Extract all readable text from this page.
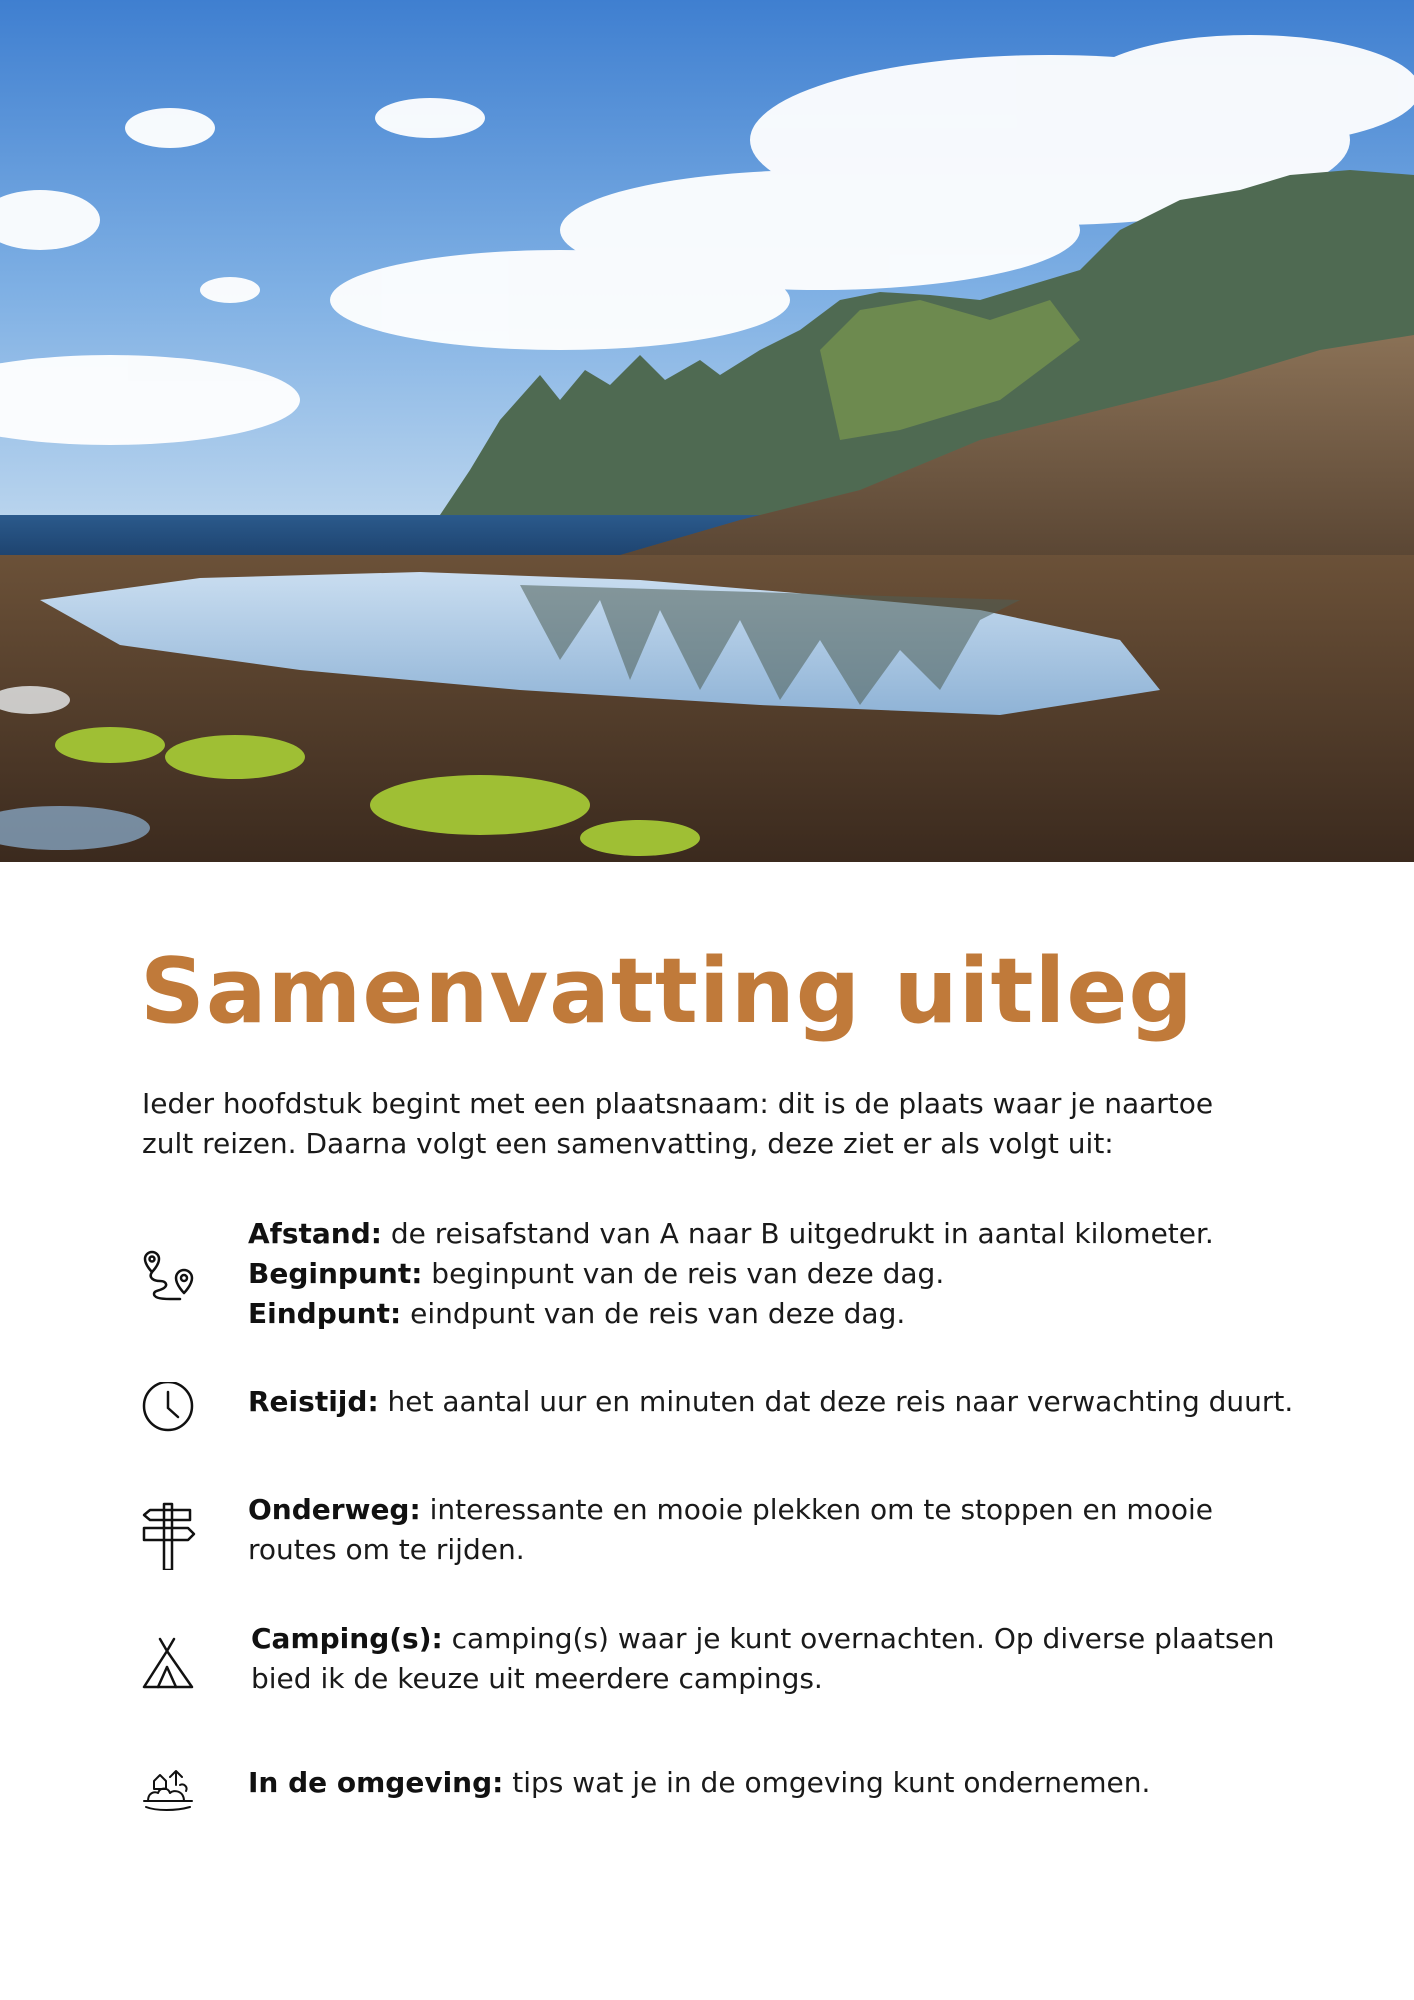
Samenvatting uitleg

Ieder hoofdstuk begint met een plaatsnaam: dit is de plaats waar je naartoe zult reizen. Daarna volgt een samenvatting, deze ziet er als volgt uit:

Afstand: de reisafstand van A naar B uitgedrukt in aantal kilometer.

Beginpunt: beginpunt van de reis van deze dag.

Eindpunt: eindpunt van de reis van deze dag.

Reistijd: het aantal uur en minuten dat deze reis naar verwachting duurt.

Onderweg: interessante en mooie plekken om te stoppen en mooie routes om te rijden.

Camping(s): camping(s) waar je kunt overnachten. Op diverse plaatsen bied ik de keuze uit meerdere campings.

In de omgeving: tips wat je in de omgeving kunt ondernemen.
